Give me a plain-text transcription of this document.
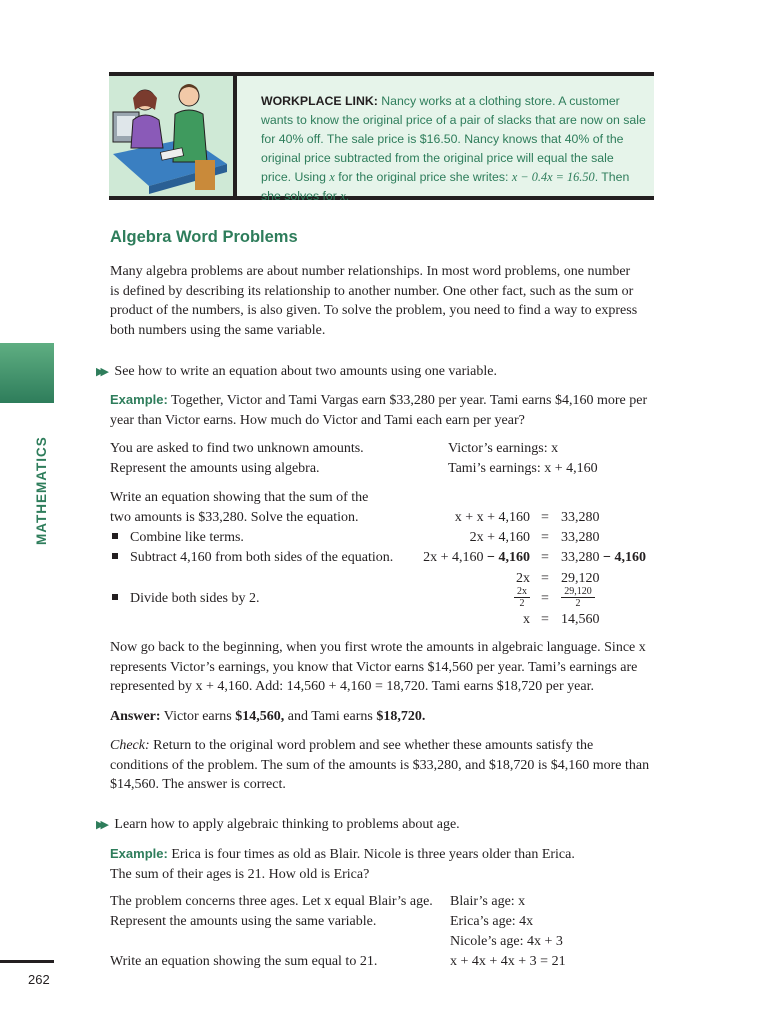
WORKPLACE LINK: Nancy works at a clothing store. A customer wants to know the original price of a pair of slacks that are now on sale for 40% off. The sale price is $16.50. Nancy knows that 40% of the original price subtracted from the original price will equal the sale price. Using x for the original price she writes: x − 0.4x = 16.50. Then she solves for x.
Algebra Word Problems
Many algebra problems are about number relationships. In most word problems, one number is defined by describing its relationship to another number. One other fact, such as the sum or product of the numbers, is also given. To solve the problem, you need to find a way to express both numbers using the same variable.
▶▶ See how to write an equation about two amounts using one variable.
Example: Together, Victor and Tami Vargas earn $33,280 per year. Tami earns $4,160 more per year than Victor earns. How much do Victor and Tami each earn per year?
You are asked to find two unknown amounts.
Represent the amounts using algebra.
Victor’s earnings: x
Tami’s earnings: x + 4,160
Write an equation showing that the sum of the
two amounts is $33,280. Solve the equation.
Combine like terms.
Subtract 4,160 from both sides of the equation.
Divide both sides by 2.
x + x + 4,160 = 33,280
2x + 4,160 = 33,280
2x + 4,160 − 4,160 = 33,280 − 4,160
2x = 29,120
2x
2	=	29,120
2
x = 14,560
Now go back to the beginning, when you first wrote the amounts in algebraic language. Since x represents Victor’s earnings, you know that Victor earns $14,560 per year. Tami’s earnings are represented by x + 4,160. Add: 14,560 + 4,160 = 18,720. Tami earns $18,720 per year.
Answer: Victor earns $14,560, and Tami earns $18,720.
Check: Return to the original word problem and see whether these amounts satisfy the conditions of the problem. The sum of the amounts is $33,280, and $18,720 is $4,160 more than $14,560. The answer is correct.
▶▶ Learn how to apply algebraic thinking to problems about age.
Example: Erica is four times as old as Blair. Nicole is three years older than Erica.
The sum of their ages is 21. How old is Erica?
The problem concerns three ages. Let x equal Blair’s age.
Represent the amounts using the same variable.
Write an equation showing the sum equal to 21.
Blair’s age: x
Erica’s age: 4x
Nicole’s age: 4x + 3
x + 4x + 4x + 3 = 21
MATHEMATICS
262
